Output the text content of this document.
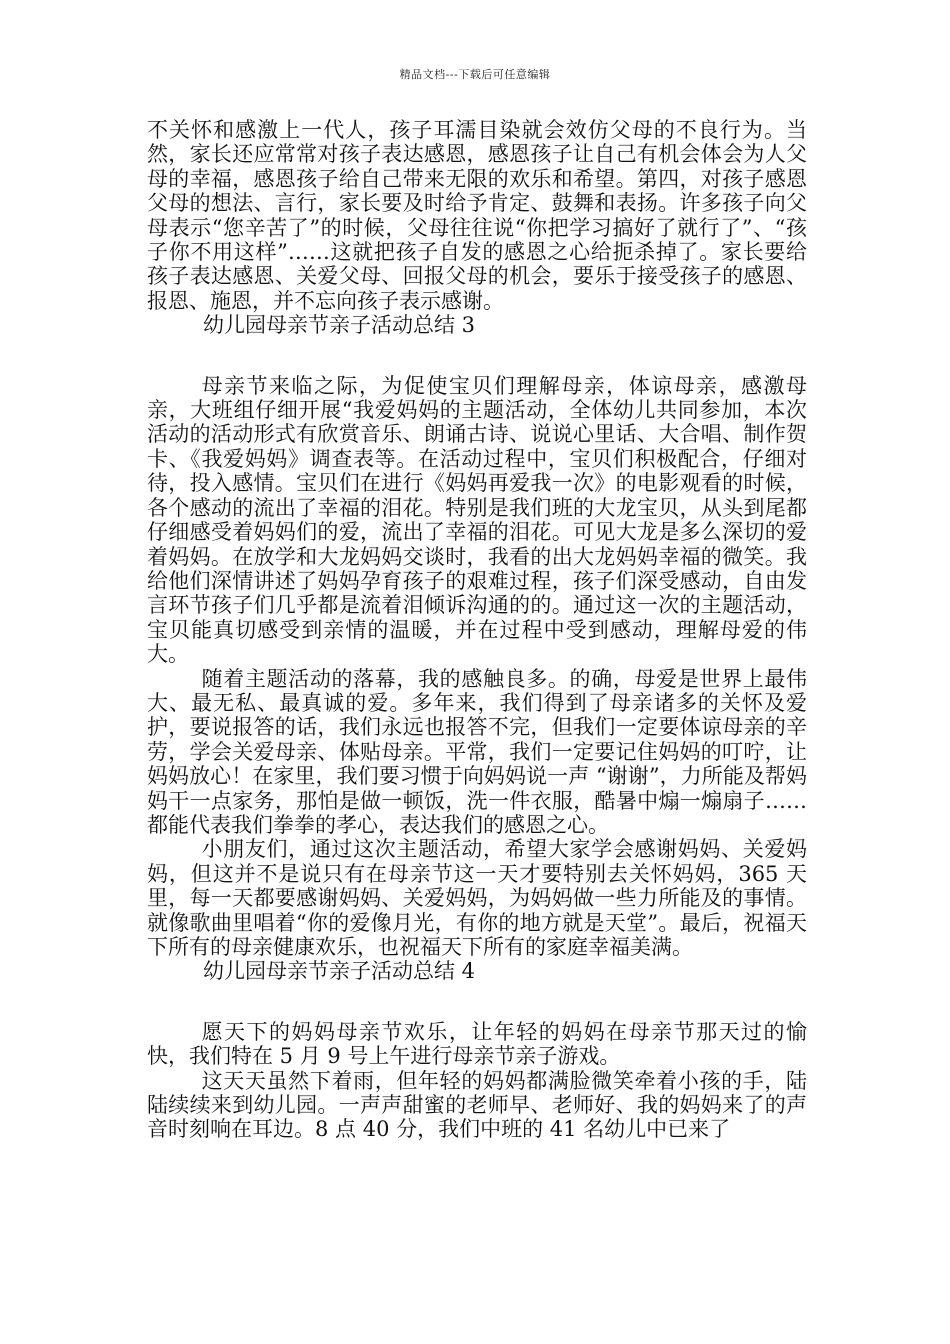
精品文档---下载后可任意编辑

不关怀和感激上一代人，孩子耳濡目染就会效仿父母的不良行为。当然，家长还应常常对孩子表达感恩，感恩孩子让自己有机会体会为人父母的幸福，感恩孩子给自己带来无限的欢乐和希望。第四，对孩子感恩父母的想法、言行，家长要及时给予肯定、鼓舞和表扬。许多孩子向父母表示“您辛苦了”的时候，父母往往说“你把学习搞好了就行了”、“孩子你不用这样”……这就把孩子自发的感恩之心给扼杀掉了。家长要给孩子表达感恩、关爱父母、回报父母的机会，要乐于接受孩子的感恩、报恩、施恩，并不忘向孩子表示感谢。

幼儿园母亲节亲子活动总结 3

母亲节来临之际，为促使宝贝们理解母亲，体谅母亲，感激母亲，大班组仔细开展“我爱妈妈的主题活动，全体幼儿共同参加，本次活动的活动形式有欣赏音乐、朗诵古诗、说说心里话、大合唱、制作贺卡、《我爱妈妈》调查表等。在活动过程中，宝贝们积极配合，仔细对待，投入感情。宝贝们在进行《妈妈再爱我一次》的电影观看的时候，各个感动的流出了幸福的泪花。特别是我们班的大龙宝贝，从头到尾都仔细感受着妈妈们的爱，流出了幸福的泪花。可见大龙是多么深切的爱着妈妈。在放学和大龙妈妈交谈时，我看的出大龙妈妈幸福的微笑。我给他们深情讲述了妈妈孕育孩子的艰难过程，孩子们深受感动，自由发言环节孩子们几乎都是流着泪倾诉沟通的的。通过这一次的主题活动，宝贝能真切感受到亲情的温暖，并在过程中受到感动，理解母爱的伟大。

随着主题活动的落幕，我的感触良多。的确，母爱是世界上最伟大、最无私、最真诚的爱。多年来，我们得到了母亲诸多的关怀及爱护，要说报答的话，我们永远也报答不完，但我们一定要体谅母亲的辛劳，学会关爱母亲、体贴母亲。平常，我们一定要记住妈妈的叮咛，让妈妈放心！在家里，我们要习惯于向妈妈说一声 “谢谢”，力所能及帮妈妈干一点家务，那怕是做一顿饭，洗一件衣服，酷暑中煽一煽扇子……都能代表我们拳拳的孝心，表达我们的感恩之心。

小朋友们，通过这次主题活动，希望大家学会感谢妈妈、关爱妈妈，但这并不是说只有在母亲节这一天才要特别去关怀妈妈，365 天里，每一天都要感谢妈妈、关爱妈妈，为妈妈做一些力所能及的事情。就像歌曲里唱着“你的爱像月光，有你的地方就是天堂”。最后，祝福天下所有的母亲健康欢乐，也祝福天下所有的家庭幸福美满。

幼儿园母亲节亲子活动总结 4

愿天下的妈妈母亲节欢乐，让年轻的妈妈在母亲节那天过的愉快，我们特在 5 月 9 号上午进行母亲节亲子游戏。

这天天虽然下着雨，但年轻的妈妈都满脸微笑牵着小孩的手，陆陆续续来到幼儿园。一声声甜蜜的老师早、老师好、我的妈妈来了的声音时刻响在耳边。8 点 40 分，我们中班的 41 名幼儿中已来了
